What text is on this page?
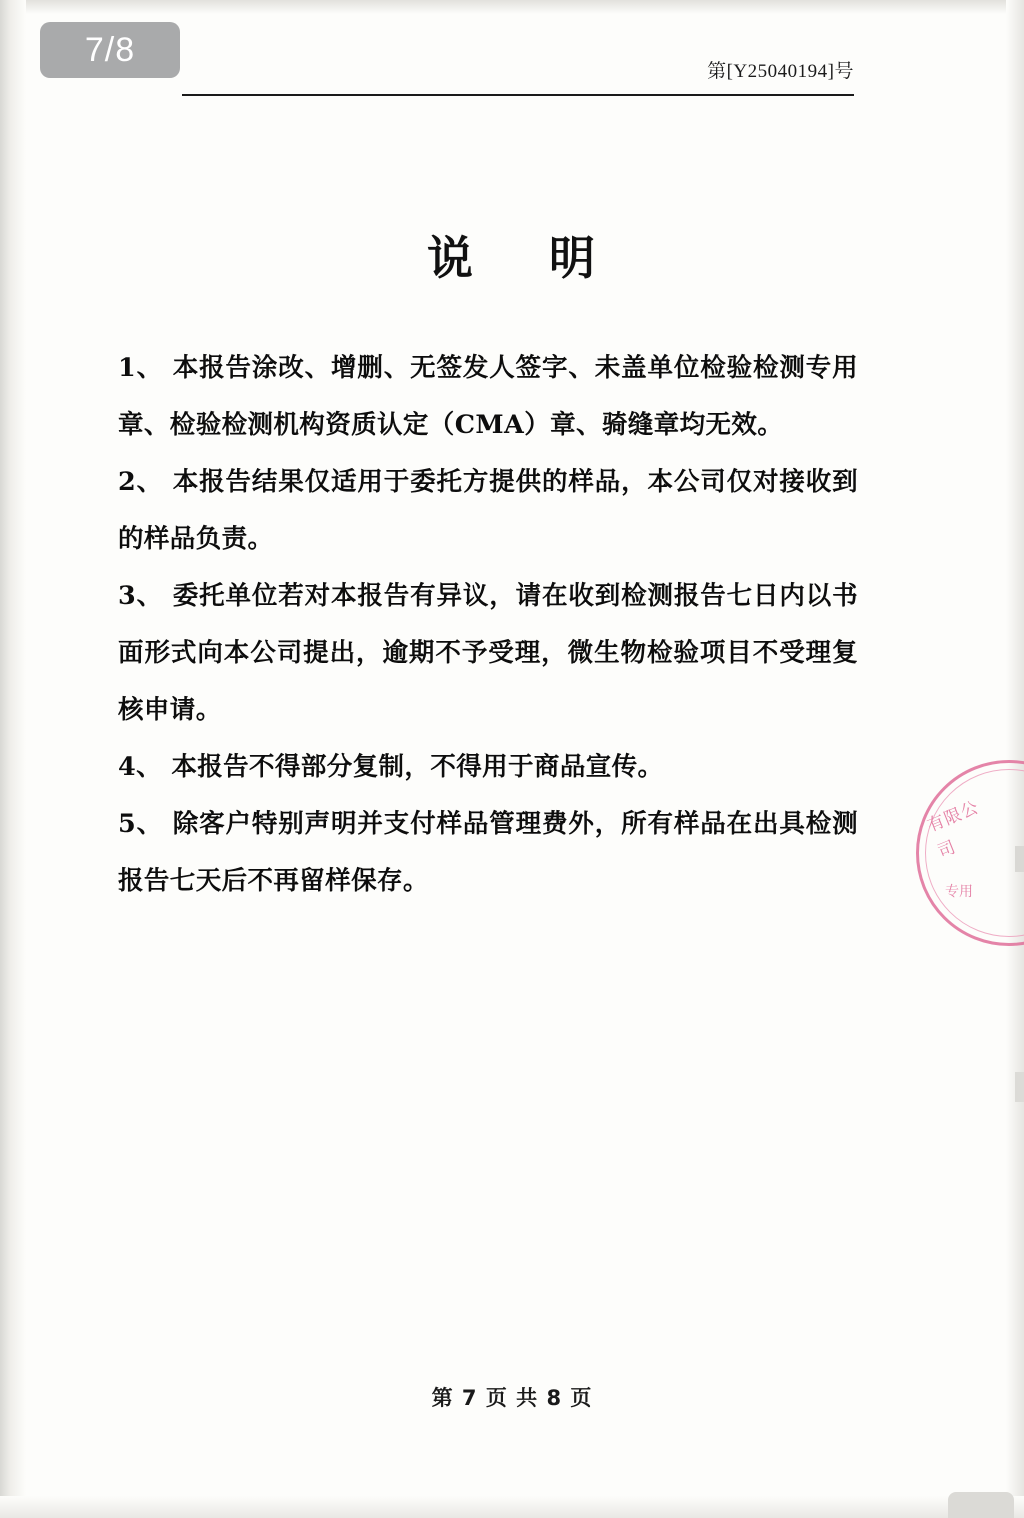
第[Y25040194]号
说 明

1、 本报告涂改、增删、无签发人签字、未盖单位检验检测专用章、检验检测机构资质认定（CMA）章、骑缝章均无效。

2、 本报告结果仅适用于委托方提供的样品，本公司仅对接收到的样品负责。

3、 委托单位若对本报告有异议，请在收到检测报告七日内以书面形式向本公司提出，逾期不予受理，微生物检验项目不受理复核申请。

4、 本报告不得部分复制，不得用于商品宣传。

5、 除客户特别声明并支付样品管理费外，所有样品在出具检测报告七天后不再留样保存。

有限公司
专用
第 7 页 共 8 页
7/8
